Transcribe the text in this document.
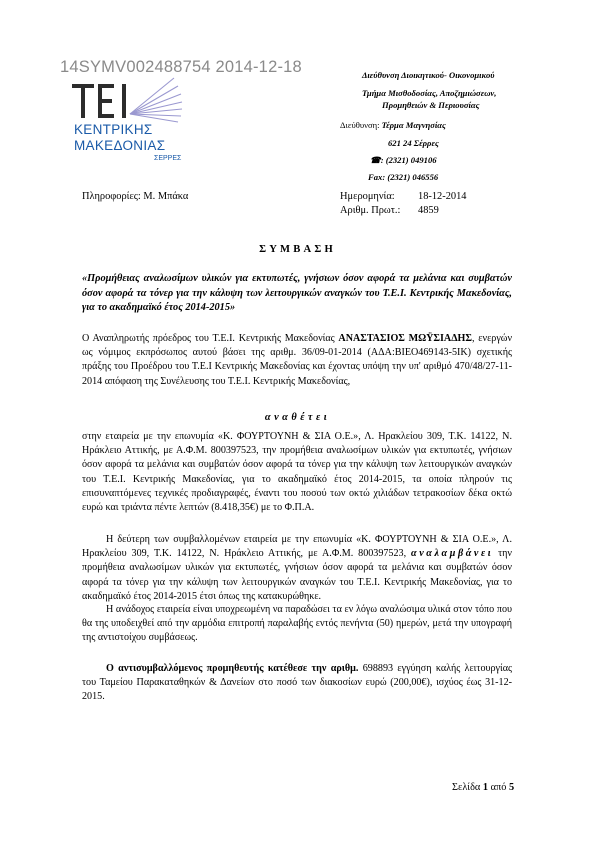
14SYMV002488754 2014-12-18
ΚΕΝΤΡΙΚΗΣ
ΜΑΚΕΔΟΝΙΑΣ
ΣΕΡΡΕΣ
Διεύθυνση Διοικητικού- Οικονομικού
Τμήμα Μισθοδοσίας, Αποζημιώσεων,
Προμηθειών & Περιουσίας
Διεύθυνση: Τέρμα Μαγνησίας
621 24 Σέρρες
☎: (2321) 049106
Fax: (2321) 046556
Πληροφορίες: Μ. Μπάκα	Ημερομηνία: 18-12-2014
Αριθμ. Πρωτ.: 4859
ΣΥΜΒΑΣΗ
«Προμήθειας αναλωσίμων υλικών για εκτυπωτές, γνήσιων όσον αφορά τα μελάνια και συμβατών όσον αφορά τα τόνερ για την κάλυψη των λειτουργικών αναγκών του Τ.Ε.Ι. Κεντρικής Μακεδονίας, για το ακαδημαϊκό έτος 2014-2015»

Ο Αναπληρωτής πρόεδρος του Τ.Ε.Ι. Κεντρικής Μακεδονίας ΑΝΑΣΤΑΣΙΟΣ ΜΩΫΣΙΑΔΗΣ, ενεργών ως νόμιμος εκπρόσωπος αυτού βάσει της αριθμ. 36/09-01-2014 (ΑΔΑ:ΒΙΕΟ469143-5ΙΚ) σχετικής πράξης του Προέδρου του Τ.Ε.Ι Κεντρικής Μακεδονίας και έχοντας υπόψη την υπ' αριθμό 470/48/27-11-2014 απόφαση της Συνέλευσης του Τ.Ε.Ι. Κεντρικής Μακεδονίας,

αναθέτει

στην εταιρεία με την επωνυμία «Κ. ΦΟΥΡΤΟΥΝΗ & ΣΙΑ Ο.Ε.», Λ. Ηρακλείου 309, Τ.Κ. 14122, Ν. Ηράκλειο Αττικής, με Α.Φ.Μ. 800397523, την προμήθεια αναλωσίμων υλικών για εκτυπωτές, γνήσιων όσον αφορά τα μελάνια και συμβατών όσον αφορά τα τόνερ για την κάλυψη των λειτουργικών αναγκών του Τ.Ε.Ι. Κεντρικής Μακεδονίας, για το ακαδημαϊκό έτος 2014-2015, τα οποία πληρούν τις επισυναπτόμενες τεχνικές προδιαγραφές, έναντι του ποσού των οκτώ χιλιάδων τετρακοσίων δέκα οκτώ ευρώ και τριάντα πέντε λεπτών (8.418,35€) με το Φ.Π.Α.

Η δεύτερη των συμβαλλομένων εταιρεία με την επωνυμία «Κ. ΦΟΥΡΤΟΥΝΗ & ΣΙΑ Ο.Ε.», Λ. Ηρακλείου 309, Τ.Κ. 14122, Ν. Ηράκλειο Αττικής, με Α.Φ.Μ. 800397523, αναλαμβάνει την προμήθεια αναλωσίμων υλικών για εκτυπωτές, γνήσιων όσον αφορά τα μελάνια και συμβατών όσον αφορά τα τόνερ για την κάλυψη των λειτουργικών αναγκών του Τ.Ε.Ι. Κεντρικής Μακεδονίας, για το ακαδημαϊκό έτος 2014-2015 έτσι όπως της κατακυρώθηκε.

Η ανάδοχος εταιρεία είναι υποχρεωμένη να παραδώσει τα εν λόγω αναλώσιμα υλικά στον τόπο που θα της υποδειχθεί από την αρμόδια επιτροπή παραλαβής εντός πενήντα (50) ημερών, μετά την υπογραφή της αντιστοίχου συμβάσεως.

Ο αντισυμβαλλόμενος προμηθευτής κατέθεσε την αριθμ. 698893 εγγύηση καλής λειτουργίας του Ταμείου Παρακαταθηκών & Δανείων στο ποσό των διακοσίων ευρώ (200,00€), ισχύος έως 31-12-2015.

Σελίδα 1 από 5
